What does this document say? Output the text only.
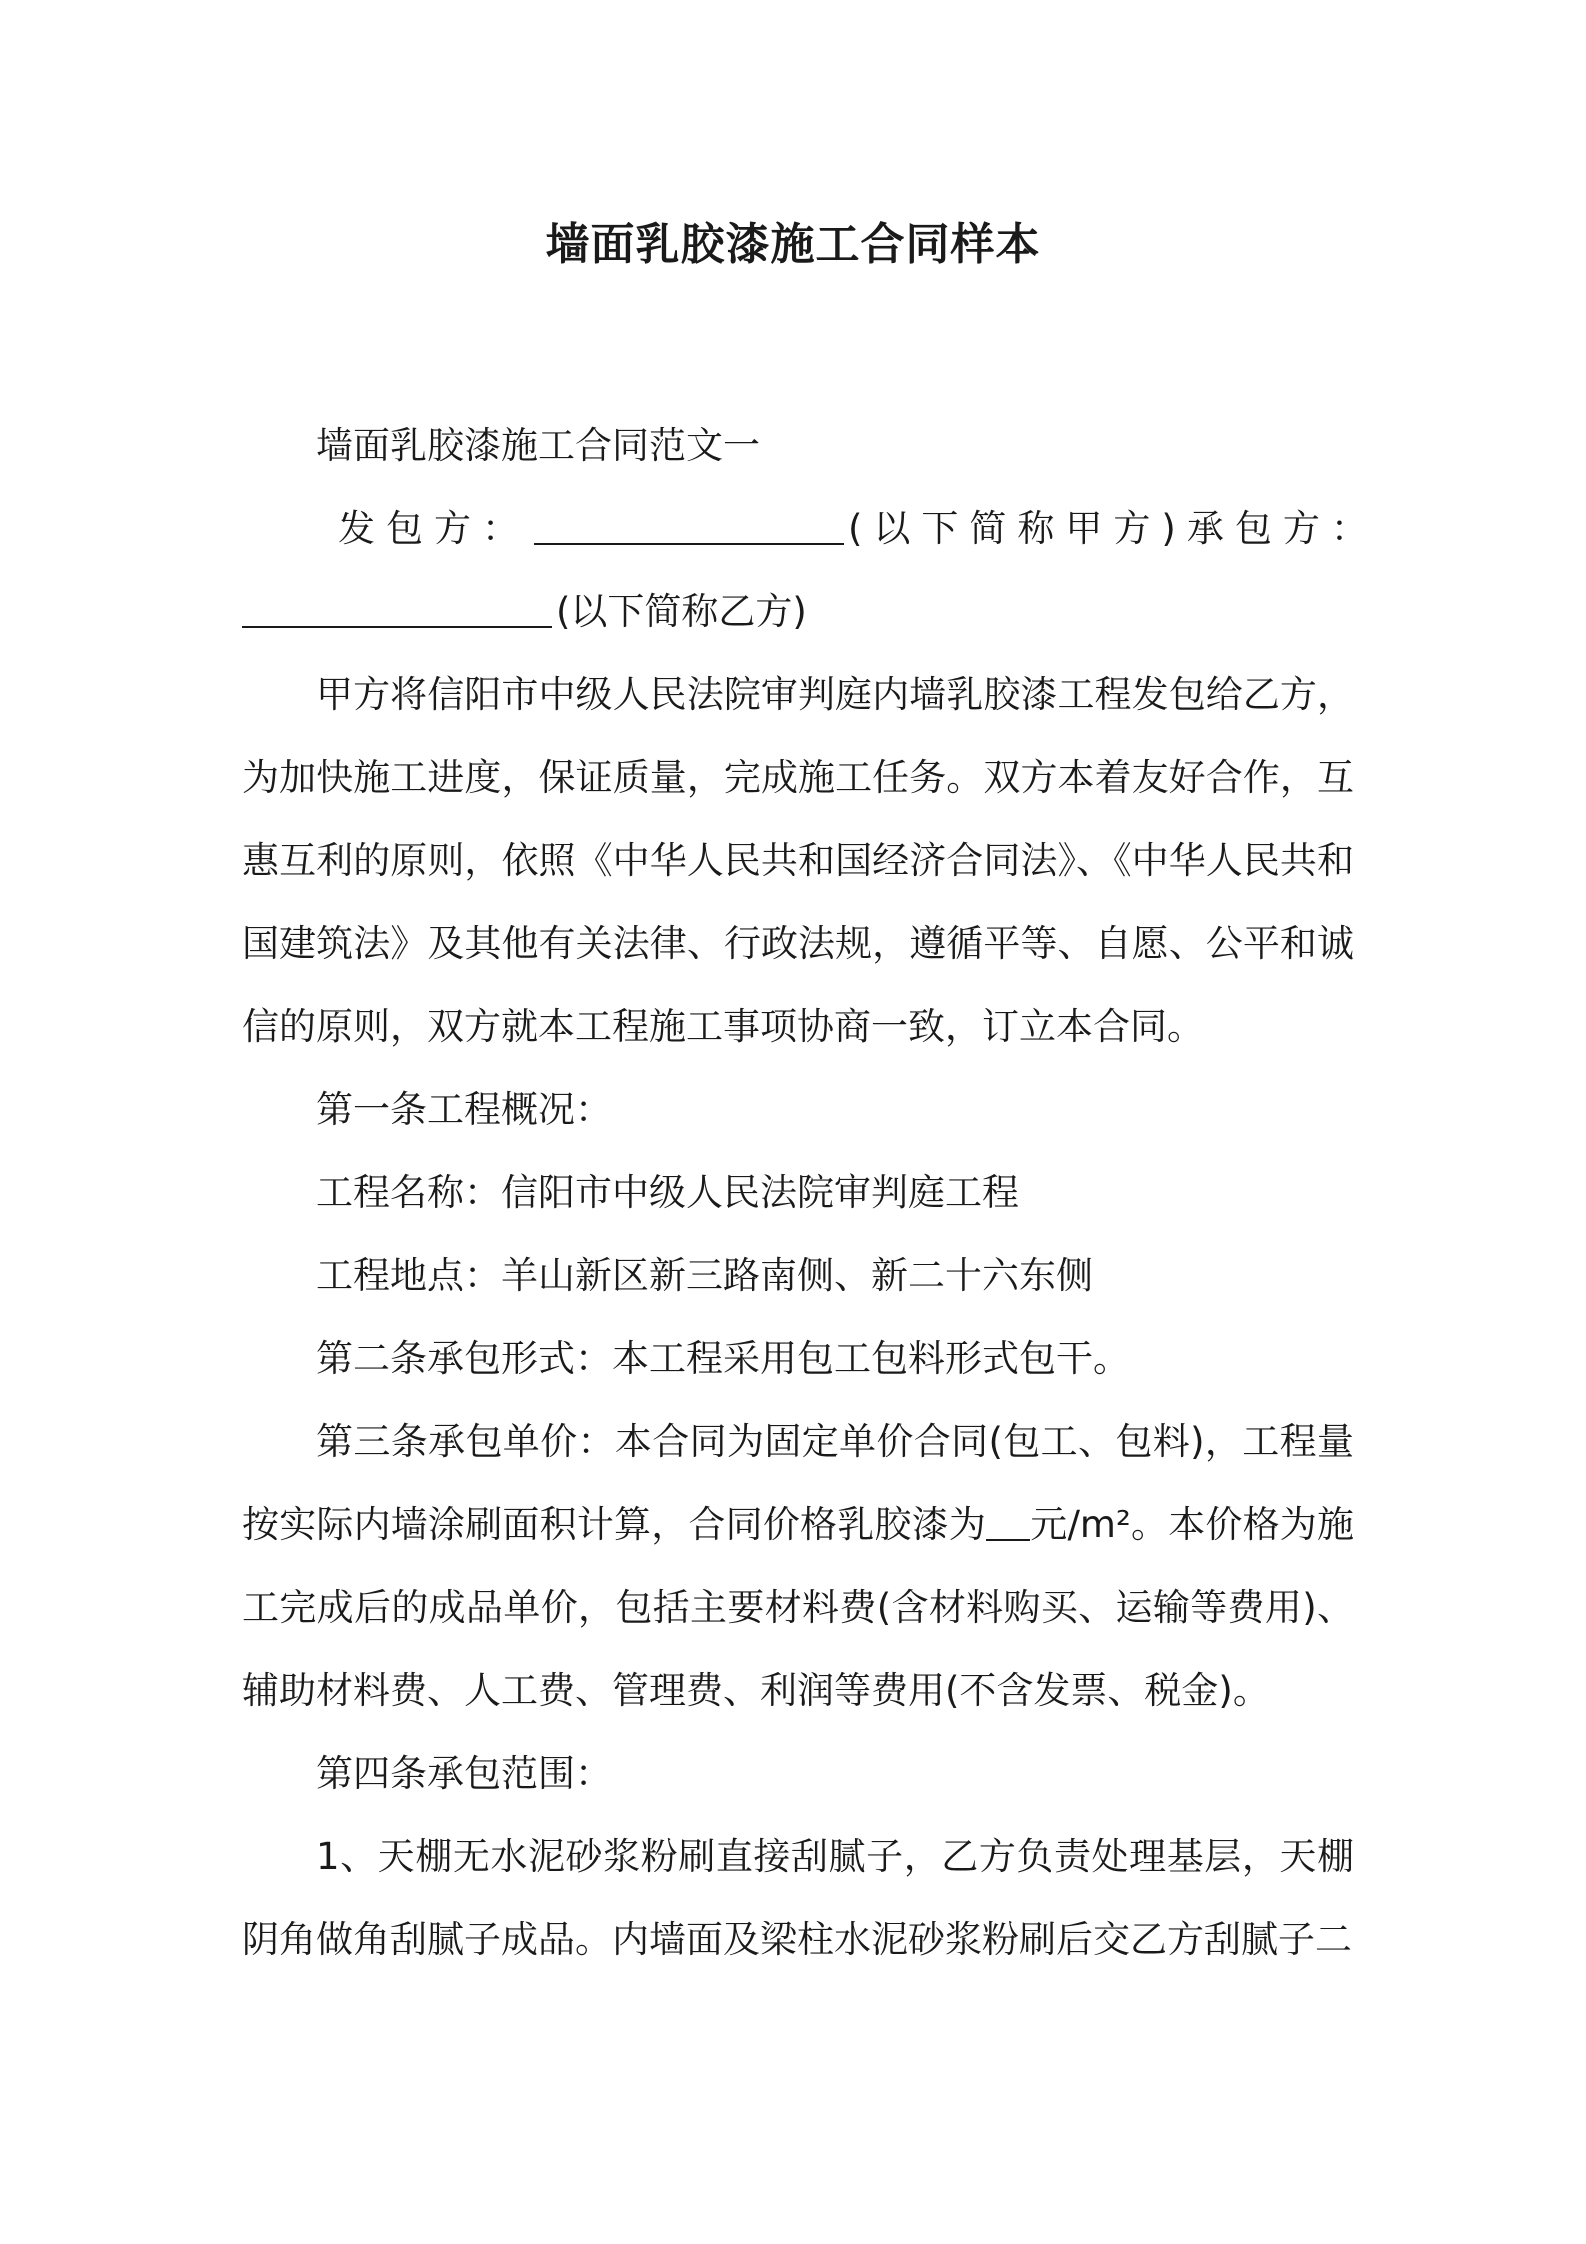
墙面乳胶漆施工合同样本

墙面乳胶漆施工合同范文一

发包方：	(以下简称甲方)承包方：

(以下简称乙方)

甲方将信阳市中级人民法院审判庭内墙乳胶漆工程发包给乙方，为加快施工进度，保证质量，完成施工任务。双方本着友好合作，互惠互利的原则，依照《中华人民共和国经济合同法》、《中华人民共和国建筑法》及其他有关法律、行政法规，遵循平等、自愿、公平和诚信的原则，双方就本工程施工事项协商一致，订立本合同。

第一条工程概况：

工程名称：信阳市中级人民法院审判庭工程

工程地点：羊山新区新三路南侧、新二十六东侧

第二条承包形式：本工程采用包工包料形式包干。

第三条承包单价：本合同为固定单价合同(包工、包料)，工程量按实际内墙涂刷面积计算，合同价格乳胶漆为 元/m²。本价格为施工完成后的成品单价，包括主要材料费(含材料购买、运输等费用)、辅助材料费、人工费、管理费、利润等费用(不含发票、税金)。

第四条承包范围：

1、天棚无水泥砂浆粉刷直接刮腻子，乙方负责处理基层，天棚阴角做角刮腻子成品。内墙面及梁柱水泥砂浆粉刷后交乙方刮腻子二
